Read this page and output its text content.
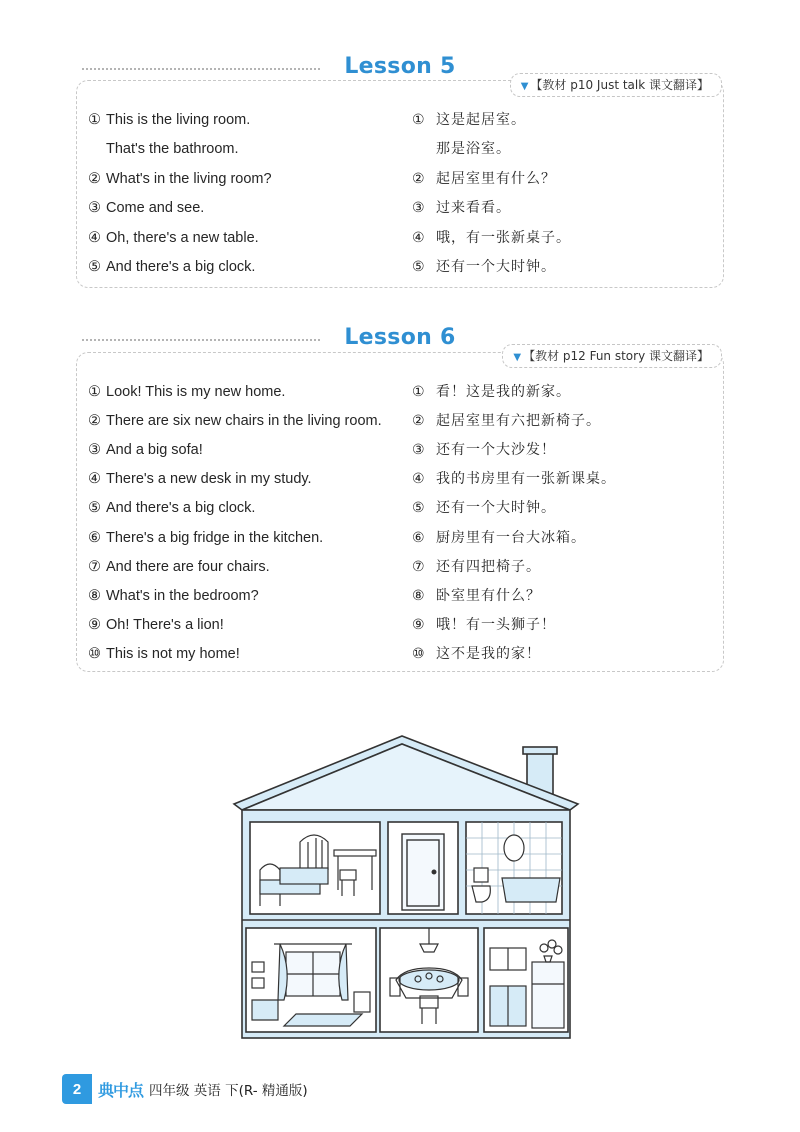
Lesson 5
▼ 【教材 p10 Just talk 课文翻译】
① This is the living room.	① 这是起居室。
That's the bathroom.	那是浴室。
② What's in the living room?	② 起居室里有什么？
③ Come and see.	③ 过来看看。
④ Oh, there's a new table.	④ 哦，有一张新桌子。
⑤ And there's a big clock.	⑤ 还有一个大时钟。
Lesson 6
▼ 【教材 p12 Fun story 课文翻译】
① Look! This is my new home.	① 看！这是我的新家。
② There are six new chairs in the living room. ② 起居室里有六把新椅子。
③ And a big sofa!	③ 还有一个大沙发！
④ There's a new desk in my study.	④ 我的书房里有一张新课桌。
⑤ And there's a big clock.	⑤ 还有一个大时钟。
⑥ There's a big fridge in the kitchen.	⑥ 厨房里有一台大冰箱。
⑦ And there are four chairs.	⑦ 还有四把椅子。
⑧ What's in the bedroom?	⑧ 卧室里有什么？
⑨ Oh! There's a lion!	⑨ 哦！有一头狮子！
⑩ This is not my home!	⑩ 这不是我的家！
2	典中点 四年级 英语 下(R- 精通版)
